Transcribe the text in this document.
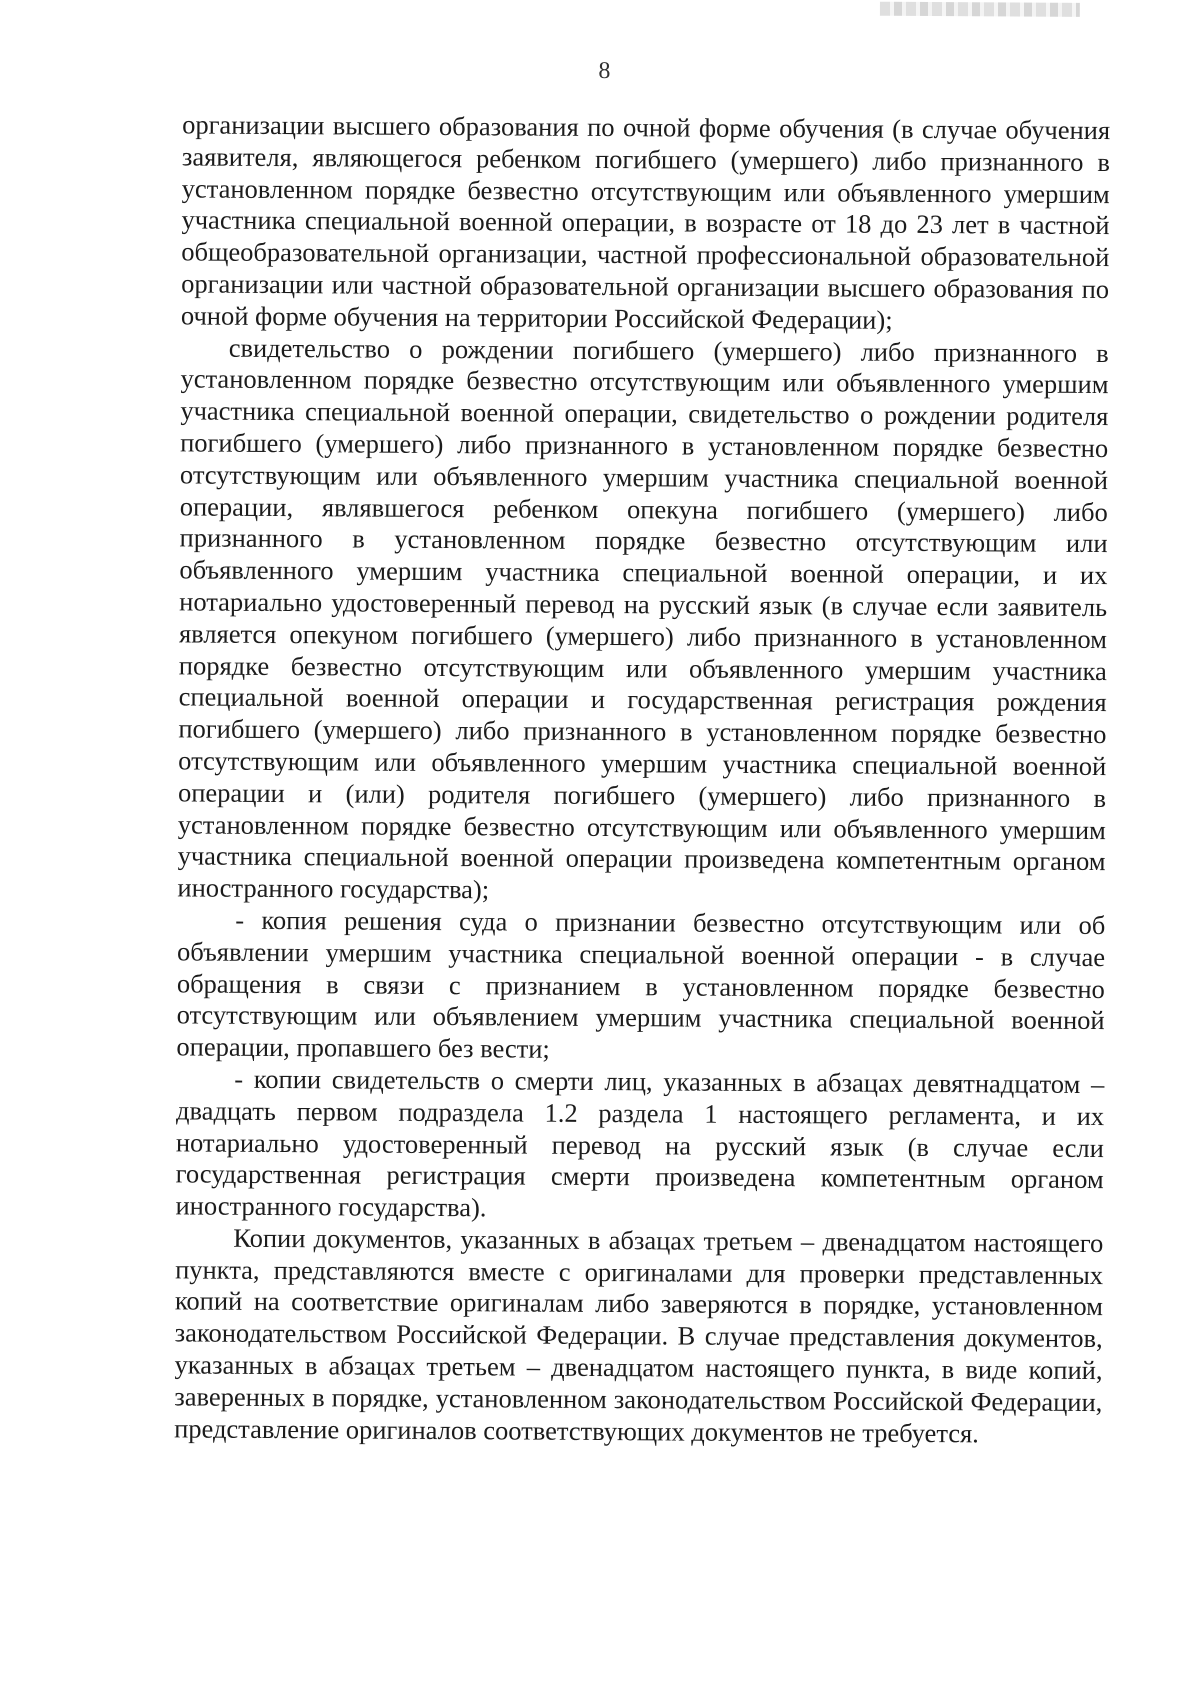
8

организации высшего образования по очной форме обучения (в случае обучения заявителя, являющегося ребенком погибшего (умершего) либо признанного в установленном порядке безвестно отсутствующим или объявленного умершим участника специальной военной операции, в возрасте от 18 до 23 лет в частной общеобразовательной организации, частной профессиональной образовательной организации или частной образовательной организации высшего образования по очной форме обучения на территории Российской Федерации);

свидетельство о рождении погибшего (умершего) либо признанного в установленном порядке безвестно отсутствующим или объявленного умершим участника специальной военной операции, свидетельство о рождении родителя погибшего (умершего) либо признанного в установленном порядке безвестно отсутствующим или объявленного умершим участника специальной военной операции, являвшегося ребенком опекуна погибшего (умершего) либо признанного в установленном порядке безвестно отсутствующим или объявленного умершим участника специальной военной операции, и их нотариально удостоверенный перевод на русский язык (в случае если заявитель является опекуном погибшего (умершего) либо признанного в установленном порядке безвестно отсутствующим или объявленного умершим участника специальной военной операции и государственная регистрация рождения погибшего (умершего) либо признанного в установленном порядке безвестно отсутствующим или объявленного умершим участника специальной военной операции и (или) родителя погибшего (умершего) либо признанного в установленном порядке безвестно отсутствующим или объявленного умершим участника специальной военной операции произведена компетентным органом иностранного государства);

- копия решения суда о признании безвестно отсутствующим или об объявлении умершим участника специальной военной операции - в случае обращения в связи с признанием в установленном порядке безвестно отсутствующим или объявлением умершим участника специальной военной операции, пропавшего без вести;

- копии свидетельств о смерти лиц, указанных в абзацах девятнадцатом – двадцать первом подраздела 1.2 раздела 1 настоящего регламента, и их нотариально удостоверенный перевод на русский язык (в случае если государственная регистрация смерти произведена компетентным органом иностранного государства).

Копии документов, указанных в абзацах третьем – двенадцатом настоящего пункта, представляются вместе с оригиналами для проверки представленных копий на соответствие оригиналам либо заверяются в порядке, установленном законодательством Российской Федерации. В случае представления документов, указанных в абзацах третьем – двенадцатом настоящего пункта, в виде копий, заверенных в порядке, установленном законодательством Российской Федерации, представление оригиналов соответствующих документов не требуется.
